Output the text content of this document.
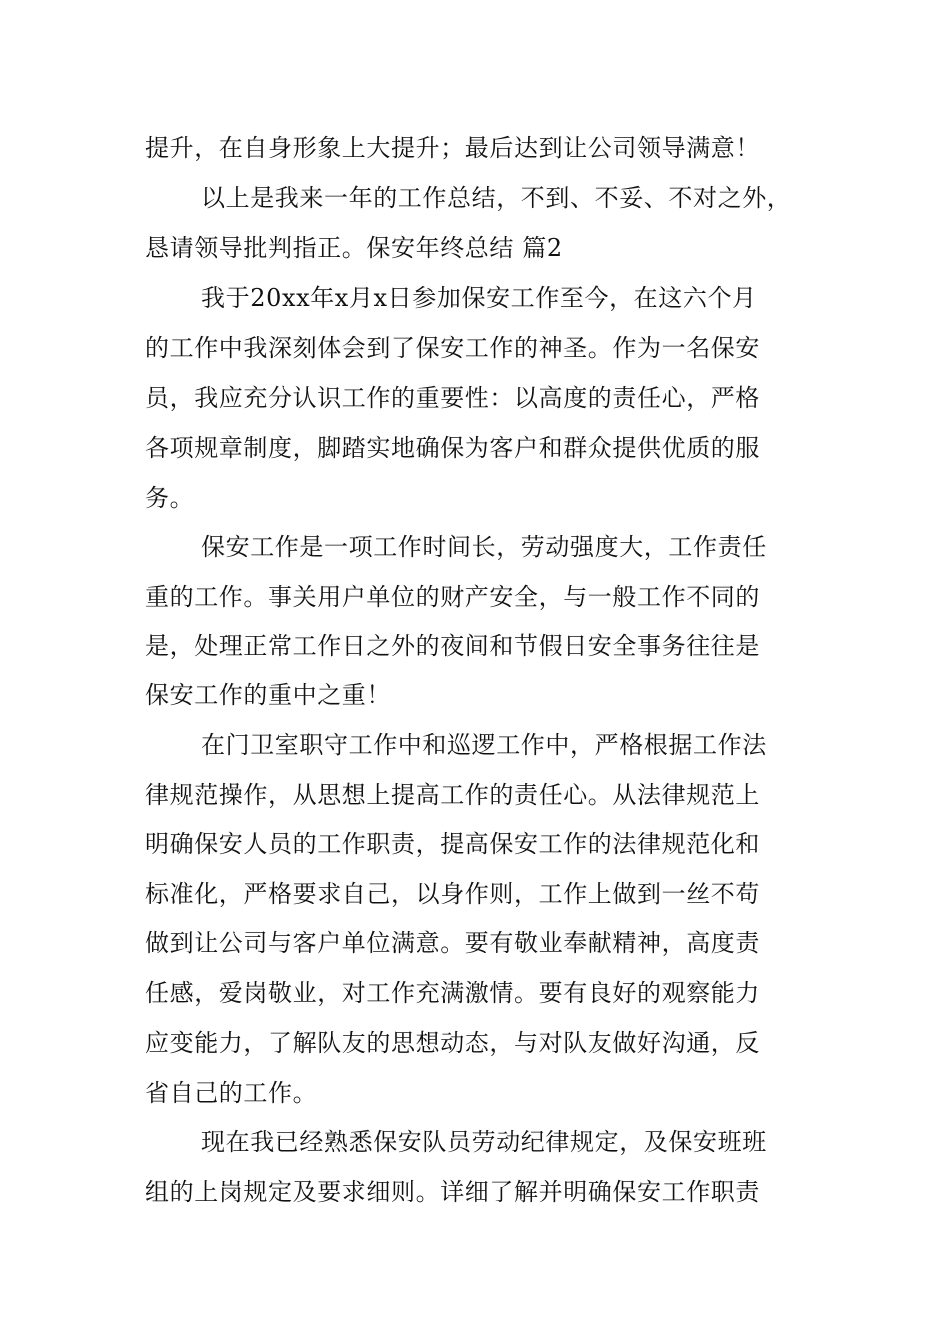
提升，在自身形象上大提升；最后达到让公司领导满意！
以上是我来一年的工作总结，不到、不妥、不对之外，
恳请领导批判指正。保安年终总结 篇2
我于20xx年x月x日参加保安工作至今，在这六个月
的工作中我深刻体会到了保安工作的神圣。作为一名保安
员，我应充分认识工作的重要性：以高度的责任心，严格
各项规章制度，脚踏实地确保为客户和群众提供优质的服
务。
保安工作是一项工作时间长，劳动强度大，工作责任
重的工作。事关用户单位的财产安全，与一般工作不同的
是，处理正常工作日之外的夜间和节假日安全事务往往是
保安工作的重中之重！
在门卫室职守工作中和巡逻工作中，严格根据工作法
律规范操作，从思想上提高工作的责任心。从法律规范上
明确保安人员的工作职责，提高保安工作的法律规范化和
标准化，严格要求自己，以身作则，工作上做到一丝不苟
做到让公司与客户单位满意。要有敬业奉献精神，高度责
任感，爱岗敬业，对工作充满激情。要有良好的观察能力
应变能力，了解队友的思想动态，与对队友做好沟通，反
省自己的工作。
现在我已经熟悉保安队员劳动纪律规定，及保安班班
组的上岗规定及要求细则。详细了解并明确保安工作职责
